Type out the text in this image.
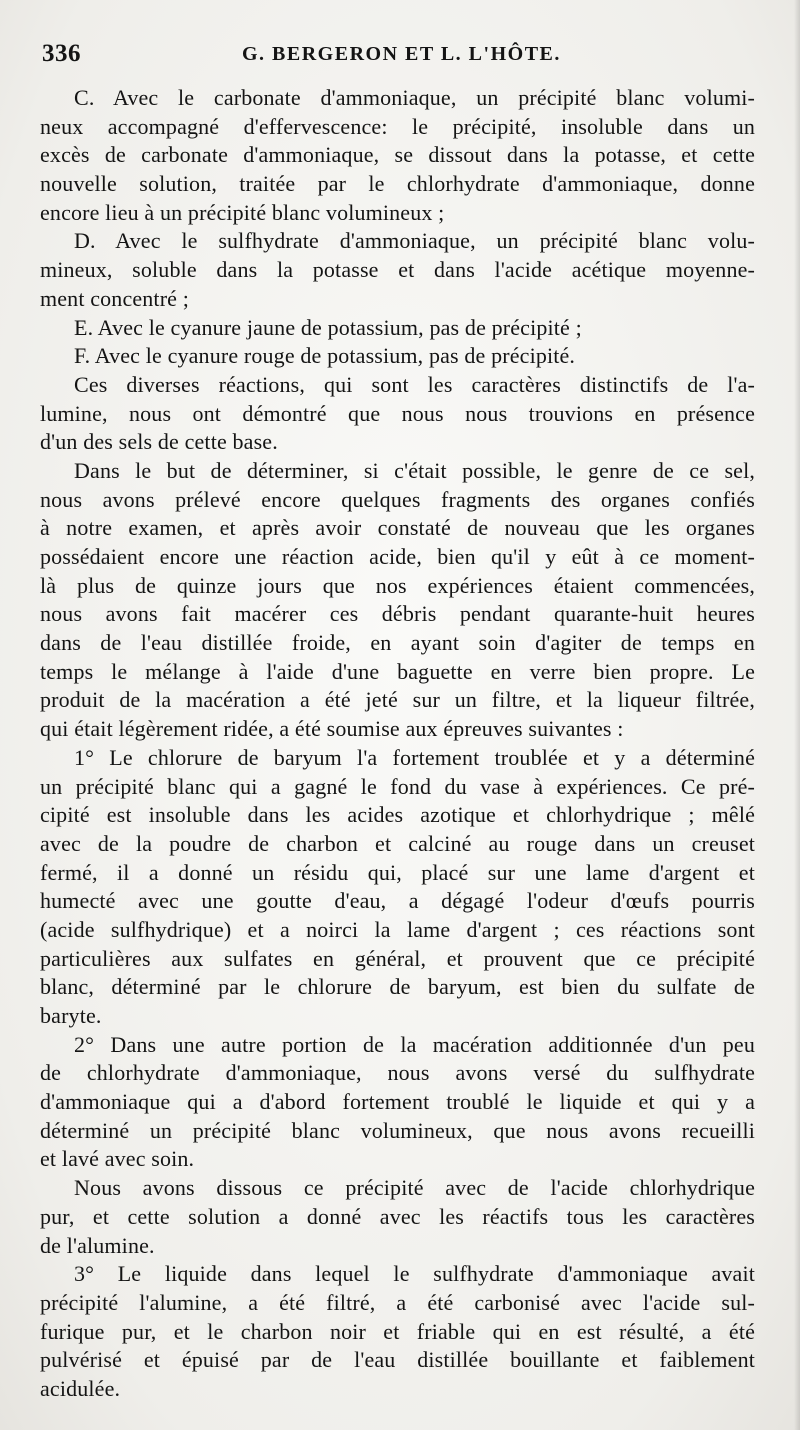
336	G. BERGERON ET L. L'HÔTE.
C. Avec le carbonate d'ammoniaque, un précipité blanc volumi-
neux accompagné d'effervescence: le précipité, insoluble dans un
excès de carbonate d'ammoniaque, se dissout dans la potasse, et cette
nouvelle solution, traitée par le chlorhydrate d'ammoniaque, donne
encore lieu à un précipité blanc volumineux ;
D. Avec le sulfhydrate d'ammoniaque, un précipité blanc volu-
mineux, soluble dans la potasse et dans l'acide acétique moyenne-
ment concentré ;
E. Avec le cyanure jaune de potassium, pas de précipité ;
F. Avec le cyanure rouge de potassium, pas de précipité.
Ces diverses réactions, qui sont les caractères distinctifs de l'a-
lumine, nous ont démontré que nous nous trouvions en présence
d'un des sels de cette base.
Dans le but de déterminer, si c'était possible, le genre de ce sel,
nous avons prélevé encore quelques fragments des organes confiés
à notre examen, et après avoir constaté de nouveau que les organes
possédaient encore une réaction acide, bien qu'il y eût à ce moment-
là plus de quinze jours que nos expériences étaient commencées,
nous avons fait macérer ces débris pendant quarante-huit heures
dans de l'eau distillée froide, en ayant soin d'agiter de temps en
temps le mélange à l'aide d'une baguette en verre bien propre. Le
produit de la macération a été jeté sur un filtre, et la liqueur filtrée,
qui était légèrement ridée, a été soumise aux épreuves suivantes :
1° Le chlorure de baryum l'a fortement troublée et y a déterminé
un précipité blanc qui a gagné le fond du vase à expériences. Ce pré-
cipité est insoluble dans les acides azotique et chlorhydrique ; mêlé
avec de la poudre de charbon et calciné au rouge dans un creuset
fermé, il a donné un résidu qui, placé sur une lame d'argent et
humecté avec une goutte d'eau, a dégagé l'odeur d'œufs pourris
(acide sulfhydrique) et a noirci la lame d'argent ; ces réactions sont
particulières aux sulfates en général, et prouvent que ce précipité
blanc, déterminé par le chlorure de baryum, est bien du sulfate de
baryte.
2° Dans une autre portion de la macération additionnée d'un peu
de chlorhydrate d'ammoniaque, nous avons versé du sulfhydrate
d'ammoniaque qui a d'abord fortement troublé le liquide et qui y a
déterminé un précipité blanc volumineux, que nous avons recueilli
et lavé avec soin.
Nous avons dissous ce précipité avec de l'acide chlorhydrique
pur, et cette solution a donné avec les réactifs tous les caractères
de l'alumine.
3° Le liquide dans lequel le sulfhydrate d'ammoniaque avait
précipité l'alumine, a été filtré, a été carbonisé avec l'acide sul-
furique pur, et le charbon noir et friable qui en est résulté, a été
pulvérisé et épuisé par de l'eau distillée bouillante et faiblement
acidulée.
